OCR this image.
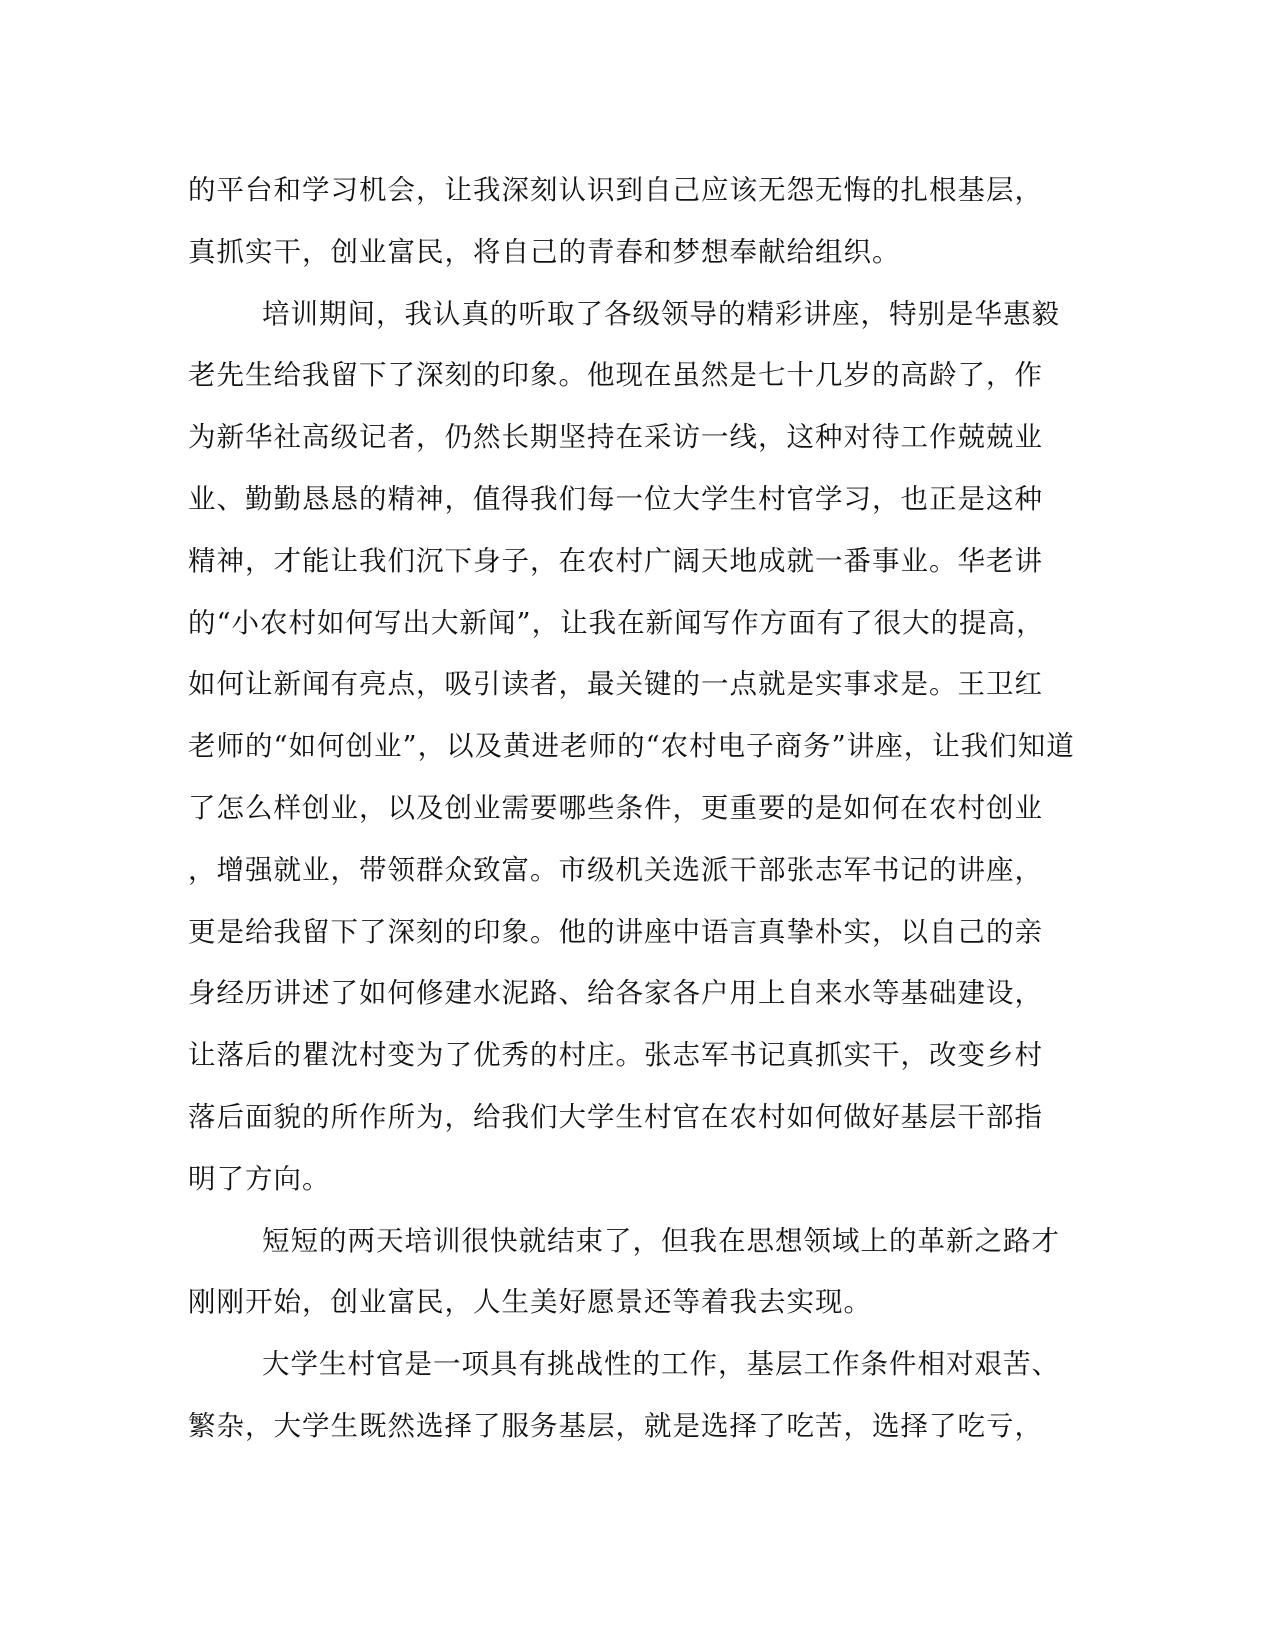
的平台和学习机会，让我深刻认识到自己应该无怨无悔的扎根基层，
真抓实干，创业富民，将自己的青春和梦想奉献给组织。
培训期间，我认真的听取了各级领导的精彩讲座，特别是华惠毅
老先生给我留下了深刻的印象。他现在虽然是七十几岁的高龄了，作
为新华社高级记者，仍然长期坚持在采访一线，这种对待工作兢兢业
业、勤勤恳恳的精神，值得我们每一位大学生村官学习，也正是这种
精神，才能让我们沉下身子，在农村广阔天地成就一番事业。华老讲
的“小农村如何写出大新闻”，让我在新闻写作方面有了很大的提高，
如何让新闻有亮点，吸引读者，最关键的一点就是实事求是。王卫红
老师的“如何创业”，以及黄进老师的“农村电子商务”讲座，让我们知道
了怎么样创业，以及创业需要哪些条件，更重要的是如何在农村创业
，增强就业，带领群众致富。市级机关选派干部张志军书记的讲座，
更是给我留下了深刻的印象。他的讲座中语言真挚朴实，以自己的亲
身经历讲述了如何修建水泥路、给各家各户用上自来水等基础建设，
让落后的瞿沈村变为了优秀的村庄。张志军书记真抓实干，改变乡村
落后面貌的所作所为，给我们大学生村官在农村如何做好基层干部指
明了方向。
短短的两天培训很快就结束了，但我在思想领域上的革新之路才
刚刚开始，创业富民，人生美好愿景还等着我去实现。
大学生村官是一项具有挑战性的工作，基层工作条件相对艰苦、
繁杂，大学生既然选择了服务基层，就是选择了吃苦，选择了吃亏，
